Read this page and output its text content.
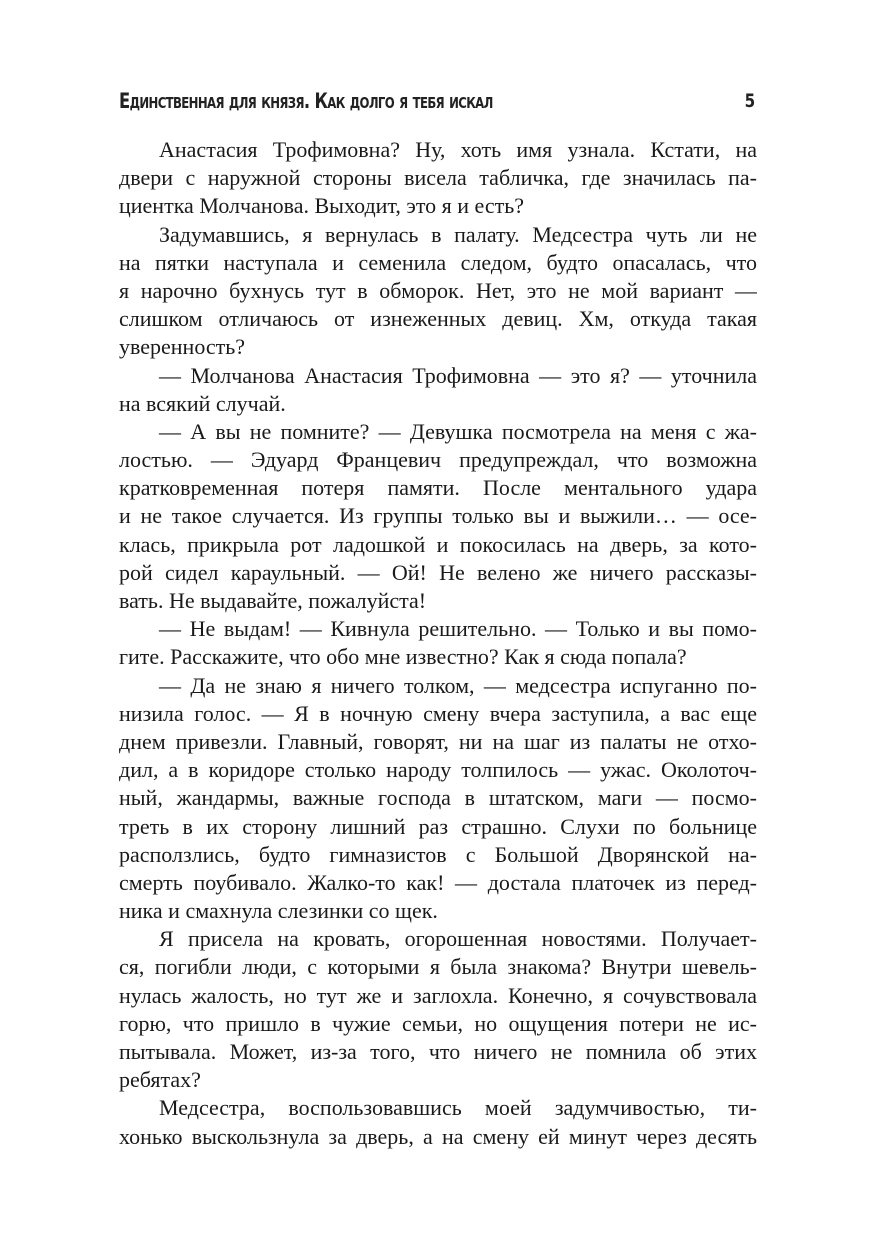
Единственная для князя. Как долго я тебя искал	5
Анастасия Трофимовна? Ну, хоть имя узнала. Кстати, на
двери с наружной стороны висела табличка, где значилась па-
циентка Молчанова. Выходит, это я и есть?
Задумавшись, я вернулась в палату. Медсестра чуть ли не
на пятки наступала и семенила следом, будто опасалась, что
я нарочно бухнусь тут в обморок. Нет, это не мой вариант —
слишком отличаюсь от изнеженных девиц. Хм, откуда такая
уверенность?
— Молчанова Анастасия Трофимовна — это я? — уточнила
на всякий случай.
— А вы не помните? — Девушка посмотрела на меня с жа-
лостью. — Эдуард Францевич предупреждал, что возможна
кратковременная потеря памяти. После ментального удара
и не такое случается. Из группы только вы и выжили… — осе-
клась, прикрыла рот ладошкой и покосилась на дверь, за кото-
рой сидел караульный. — Ой! Не велено же ничего рассказы-
вать. Не выдавайте, пожалуйста!
— Не выдам! — Кивнула решительно. — Только и вы помо-
гите. Расскажите, что обо мне известно? Как я сюда попала?
— Да не знаю я ничего толком, — медсестра испуганно по-
низила голос. — Я в ночную смену вчера заступила, а вас еще
днем привезли. Главный, говорят, ни на шаг из палаты не отхо-
дил, а в коридоре столько народу толпилось — ужас. Околоточ-
ный, жандармы, важные господа в штатском, маги — посмо-
треть в их сторону лишний раз страшно. Слухи по больнице
расползлись, будто гимназистов с Большой Дворянской на-
смерть поубивало. Жалко-то как! — достала платочек из перед-
ника и смахнула слезинки со щек.
Я присела на кровать, огорошенная новостями. Получает-
ся, погибли люди, с которыми я была знакома? Внутри шевель-
нулась жалость, но тут же и заглохла. Конечно, я сочувствовала
горю, что пришло в чужие семьи, но ощущения потери не ис-
пытывала. Может, из-за того, что ничего не помнила об этих
ребятах?
Медсестра, воспользовавшись моей задумчивостью, ти-
хонько выскользнула за дверь, а на смену ей минут через десять
